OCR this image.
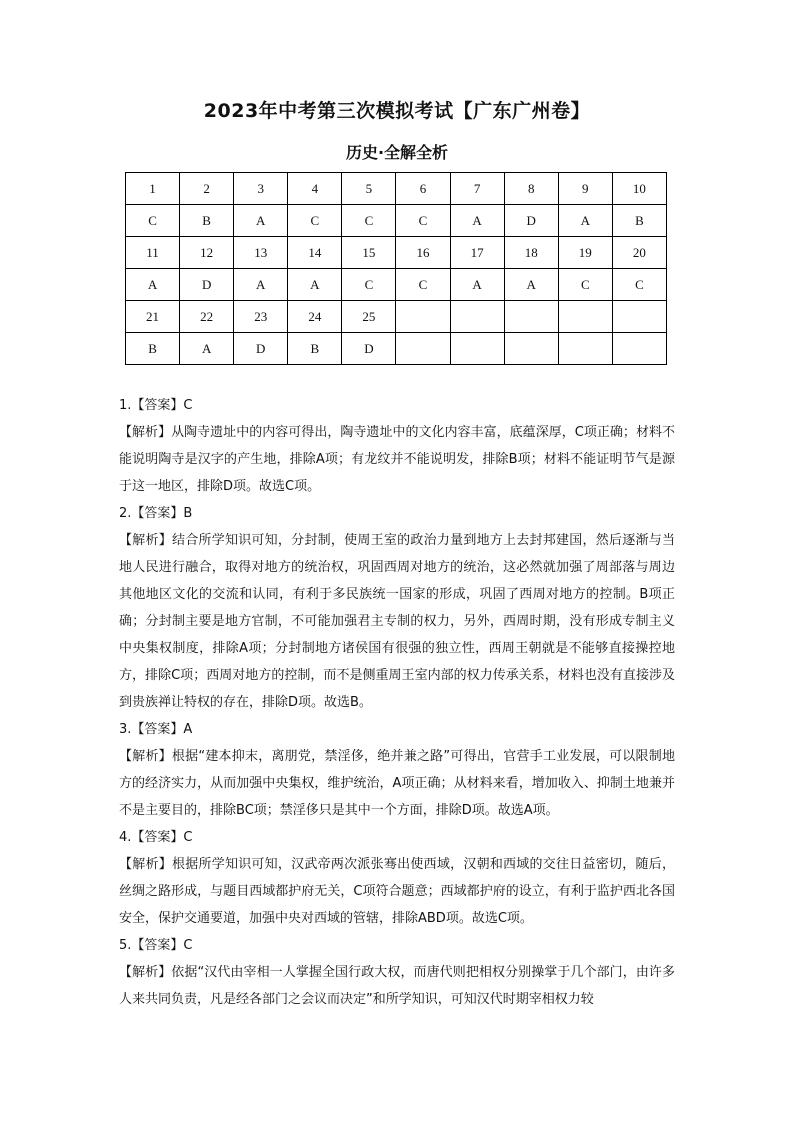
2023年中考第三次模拟考试【广东广州卷】
历史·全解全析
1	2	3	4	5	6	7	8	9	10
C	B	A	C	C	C	A	D	A	B
11	12	13	14	15	16	17	18	19	20
A	D	A	A	C	C	A	A	C	C
21	22	23	24	25					
B	A	D	B	D					

1.【答案】C

【解析】从陶寺遗址中的内容可得出，陶寺遗址中的文化内容丰富，底蕴深厚，C项正确；材料不能说明陶寺是汉字的产生地，排除A项；有龙纹并不能说明发，排除B项；材料不能证明节气是源于这一地区，排除D项。故选C项。

2.【答案】B

【解析】结合所学知识可知，分封制，使周王室的政治力量到地方上去封邦建国，然后逐渐与当地人民进行融合，取得对地方的统治权，巩固西周对地方的统治，这必然就加强了周部落与周边其他地区文化的交流和认同，有利于多民族统一国家的形成，巩固了西周对地方的控制。B项正确；分封制主要是地方官制，不可能加强君主专制的权力，另外，西周时期，没有形成专制主义中央集权制度，排除A项；分封制地方诸侯国有很强的独立性，西周王朝就是不能够直接操控地方，排除C项；西周对地方的控制，而不是侧重周王室内部的权力传承关系，材料也没有直接涉及到贵族禅让特权的存在，排除D项。故选B。

3.【答案】A

【解析】根据“建本抑末，离朋党，禁淫侈，绝并兼之路”可得出，官营手工业发展，可以限制地方的经济实力，从而加强中央集权，维护统治，A项正确；从材料来看，增加收入、抑制土地兼并不是主要目的，排除BC项；禁淫侈只是其中一个方面，排除D项。故选A项。

4.【答案】C

【解析】根据所学知识可知，汉武帝两次派张骞出使西域，汉朝和西域的交往日益密切，随后，丝绸之路形成，与题目西域都护府无关，C项符合题意；西域都护府的设立，有利于监护西北各国安全，保护交通要道，加强中央对西域的管辖，排除ABD项。故选C项。

5.【答案】C

【解析】依据“汉代由宰相一人掌握全国行政大权，而唐代则把相权分别操掌于几个部门，由许多人来共同负责，凡是经各部门之会议而决定”和所学知识，可知汉代时期宰相权力较
